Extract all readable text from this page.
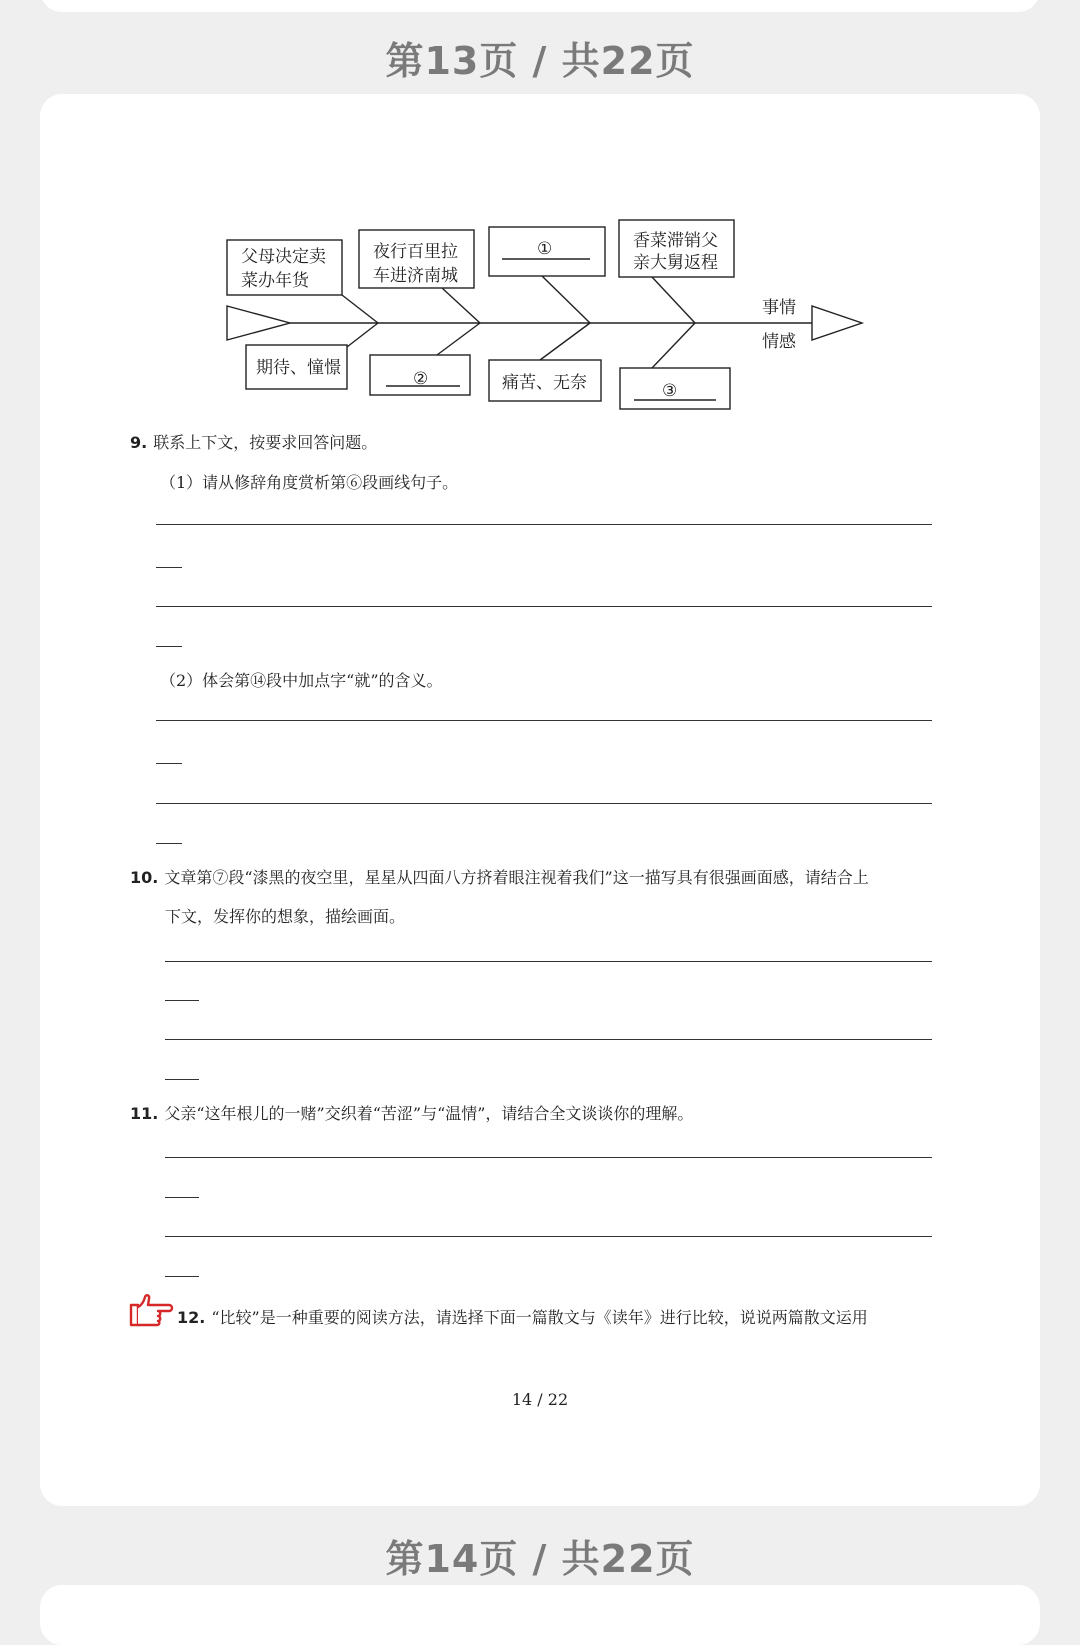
第13页 / 共22页
父母决定卖
菜办年货
夜行百里拉
车进济南城
①	香菜滞销父
亲大舅返程
期待、憧憬
②	痛苦、无奈	③
事情
情感
9. 联系上下文，按要求回答问题。
（1）请从修辞角度赏析第⑥段画线句子。
（2）体会第⑭段中加点字“就”的含义。
10. 文章第⑦段“漆黑的夜空里，星星从四面八方挤着眼注视着我们”这一描写具有很强画面感，请结合上
下文，发挥你的想象，描绘画面。
11. 父亲“这年根儿的一赌”交织着“苦涩”与“温情”，请结合全文谈谈你的理解。
12. “比较”是一种重要的阅读方法，请选择下面一篇散文与《读年》进行比较，说说两篇散文运用
14 / 22
第14页 / 共22页
